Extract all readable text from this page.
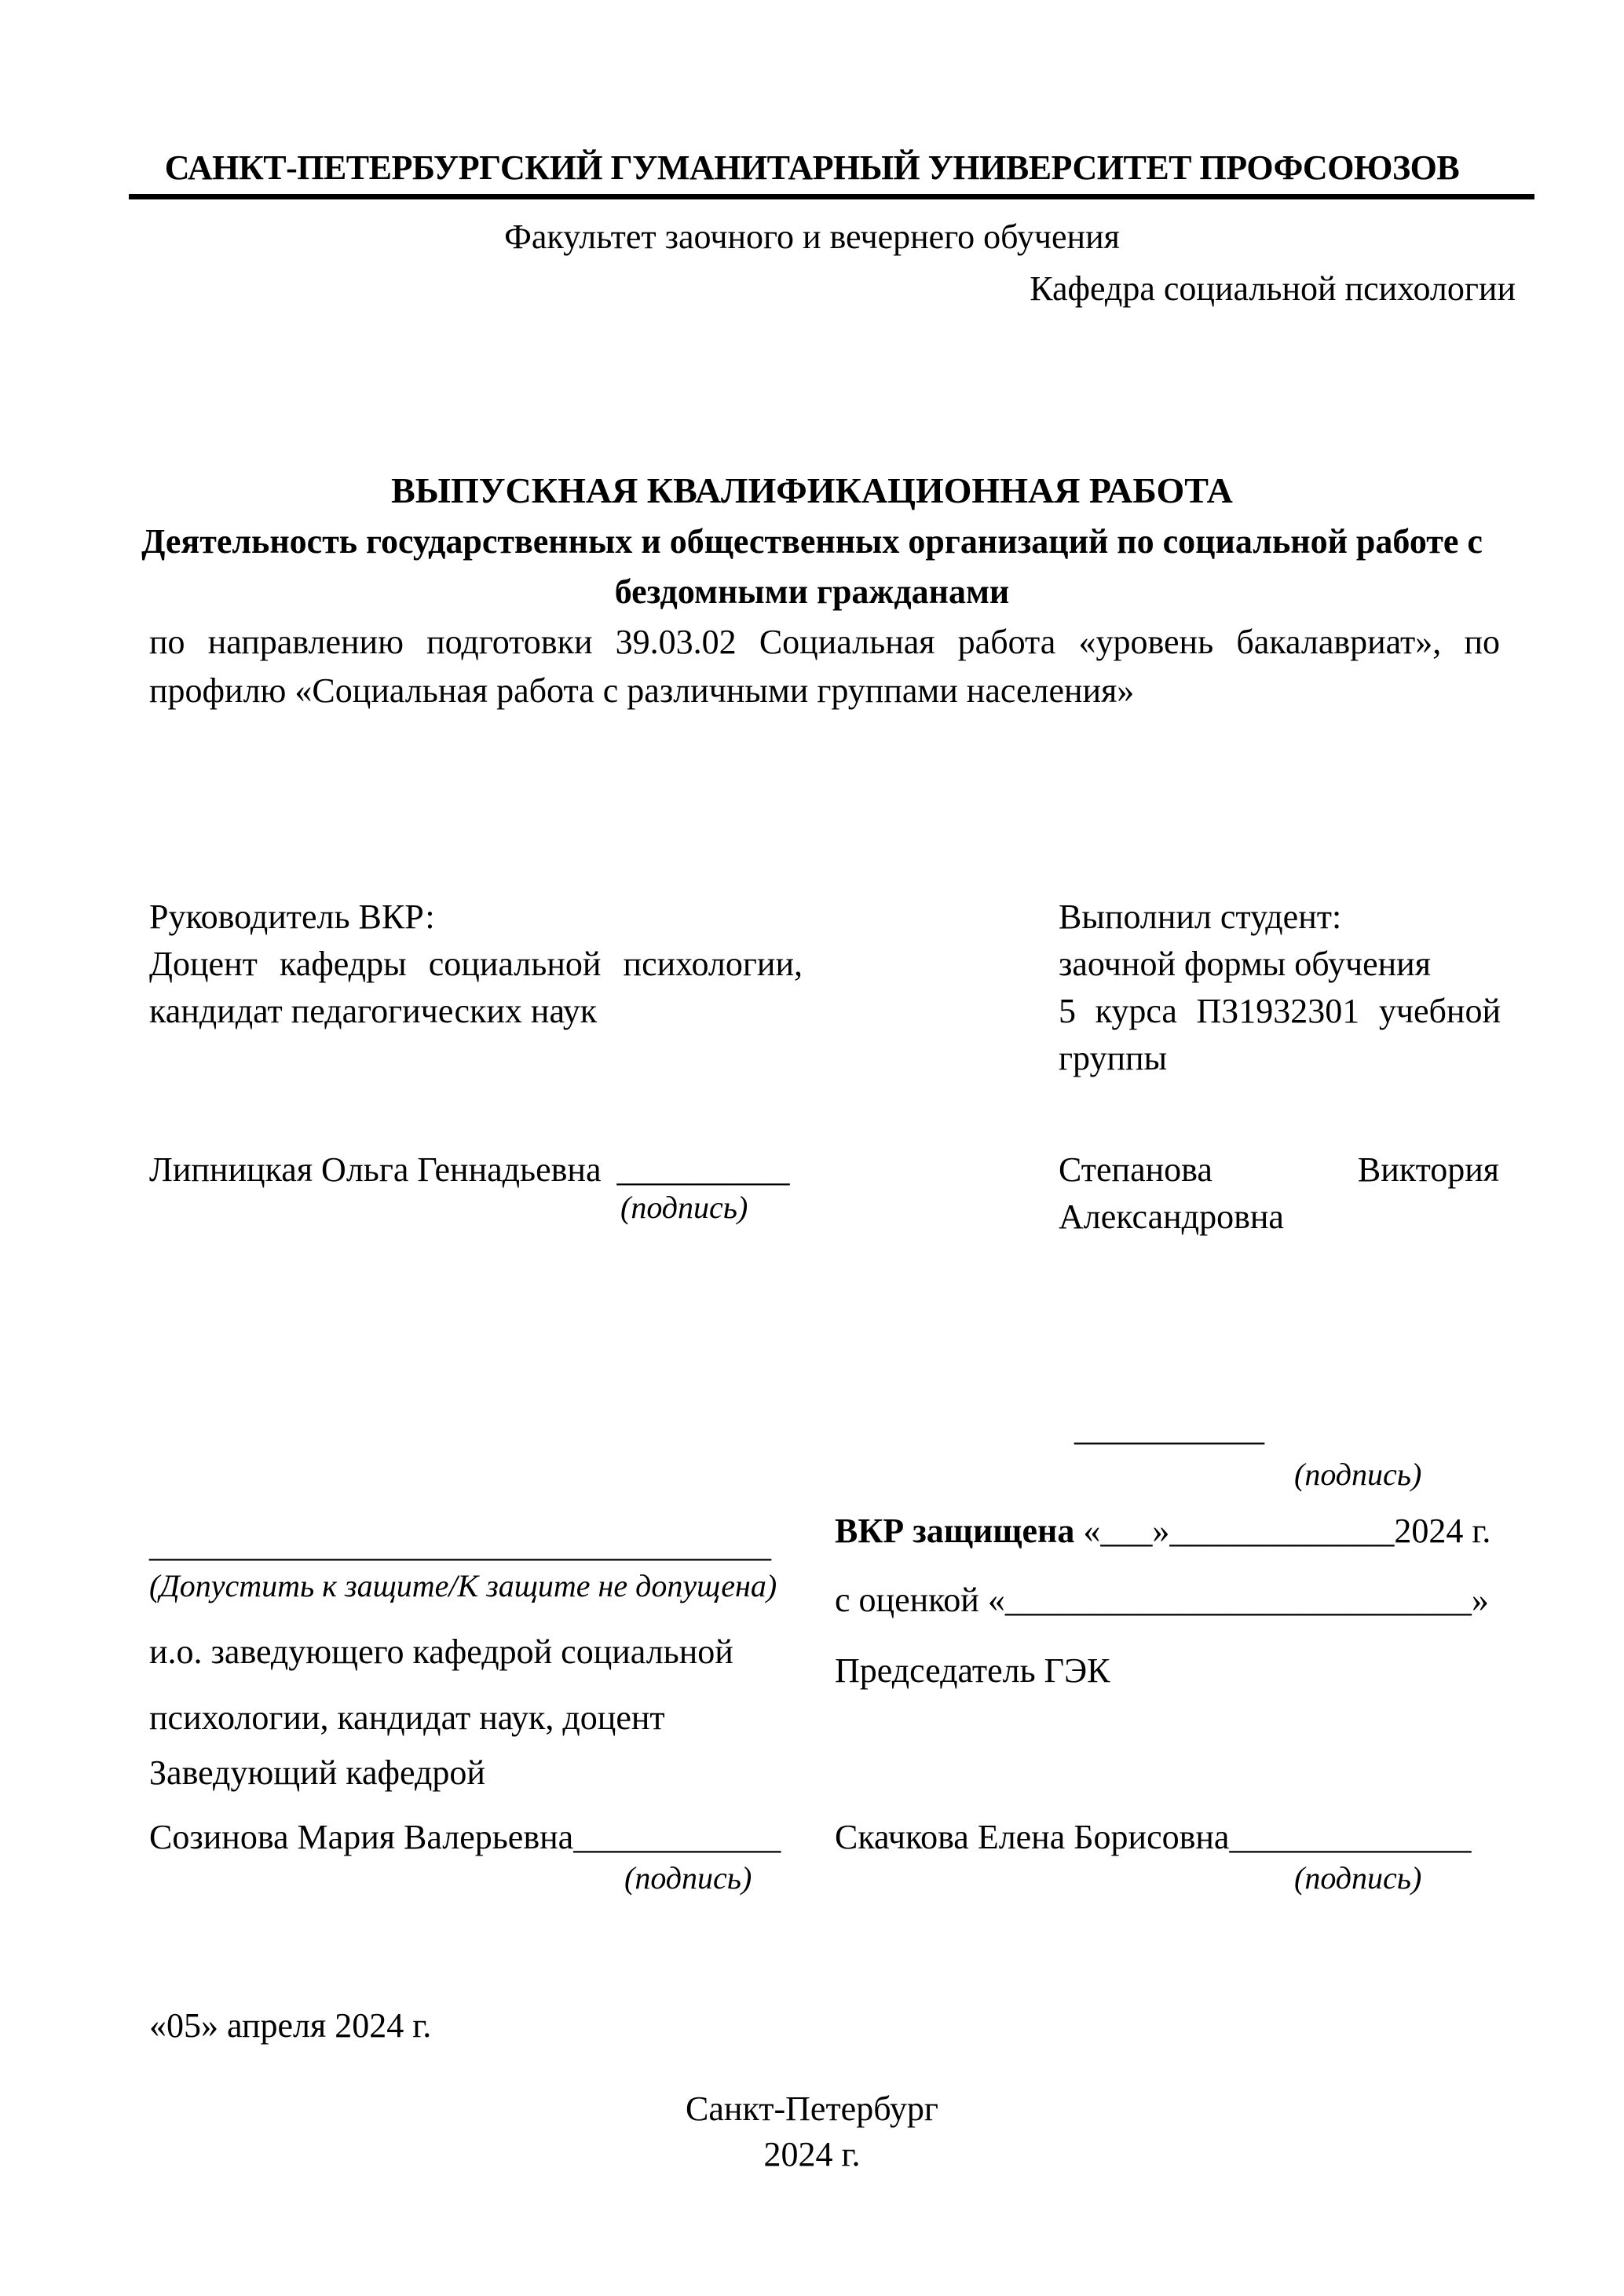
САНКТ-ПЕТЕРБУРГСКИЙ ГУМАНИТАРНЫЙ УНИВЕРСИТЕТ ПРОФСОЮЗОВ
Факультет заочного и вечернего обучения
Кафедра социальной психологии
ВЫПУСКНАЯ КВАЛИФИКАЦИОННАЯ РАБОТА
Деятельность государственных и общественных организаций по социальной работе с
бездомными гражданами
по направлению подготовки 39.03.02 Социальная работа «уровень бакалавриат», по
профилю «Социальная работа с различными группами населения»
Руководитель ВКР:
Доцент кафедры социальной психологии,
кандидат педагогических наук
Выполнил студент:
заочной формы обучения
5 курса ПЗ1932301 учебной
группы
Липницкая Ольга Геннадьевна __________
(подпись)
Степанова Виктория
Александровна
___________
(подпись)
ВКР защищена «___»_____________2024 г.
____________________________________
(Допустить к защите/К защите не допущена) с оценкой «___________________________»
и.о. заведующего кафедрой социальной	Председатель ГЭК
психологии, кандидат наук, доцент
Заведующий кафедрой
Созинова Мария Валерьевна____________
(подпись)
Скачкова Елена Борисовна______________
(подпись)
«05» апреля 2024 г.
Санкт-Петербург
2024 г.
